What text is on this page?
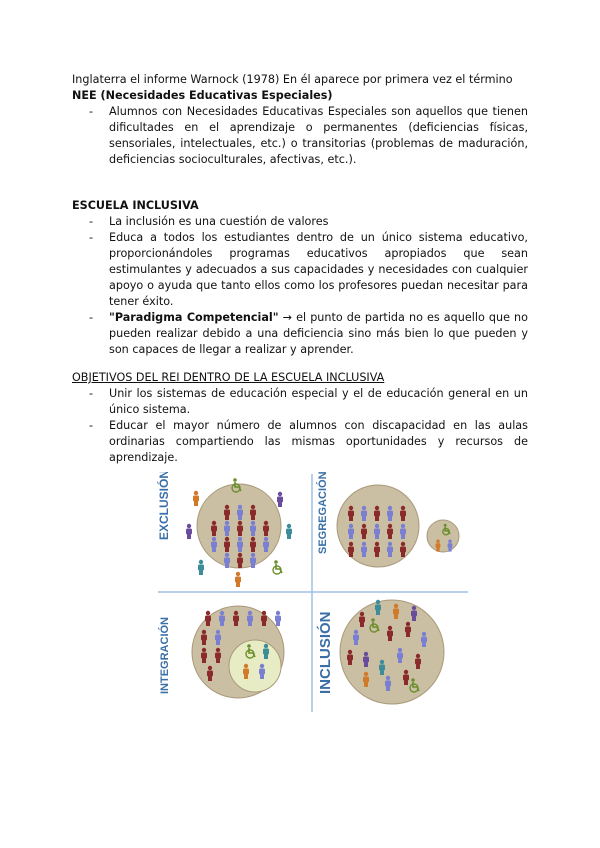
Inglaterra el informe Warnock (1978) En él aparece por primera vez el término

NEE (Necesidades Educativas Especiales)

- Alumnos con Necesidades Educativas Especiales son aquellos que tienen dificultades en el aprendizaje o permanentes (deficiencias físicas, sensoriales, intelectuales, etc.) o transitorias (problemas de maduración, deficiencias socioculturales, afectivas, etc.).

ESCUELA INCLUSIVA

- La inclusión es una cuestión de valores
- Educa a todos los estudiantes dentro de un único sistema educativo, proporcionándoles programas educativos apropiados que sean estimulantes y adecuados a sus capacidades y necesidades con cualquier apoyo o ayuda que tanto ellos como los profesores puedan necesitar para tener éxito.
- "Paradigma Competencial" → el punto de partida no es aquello que no pueden realizar debido a una deficiencia sino más bien lo que pueden y son capaces de llegar a realizar y aprender.

OBJETIVOS DEL REI DENTRO DE LA ESCUELA INCLUSIVA

- Unir los sistemas de educación especial y el de educación general en un único sistema.
- Educar el mayor número de alumnos con discapacidad en las aulas ordinarias compartiendo las mismas oportunidades y recursos de aprendizaje.
EXCLUSIÓN	SEGREGACIÓN
INTEGRACIÓN	INCLUSIÓN
